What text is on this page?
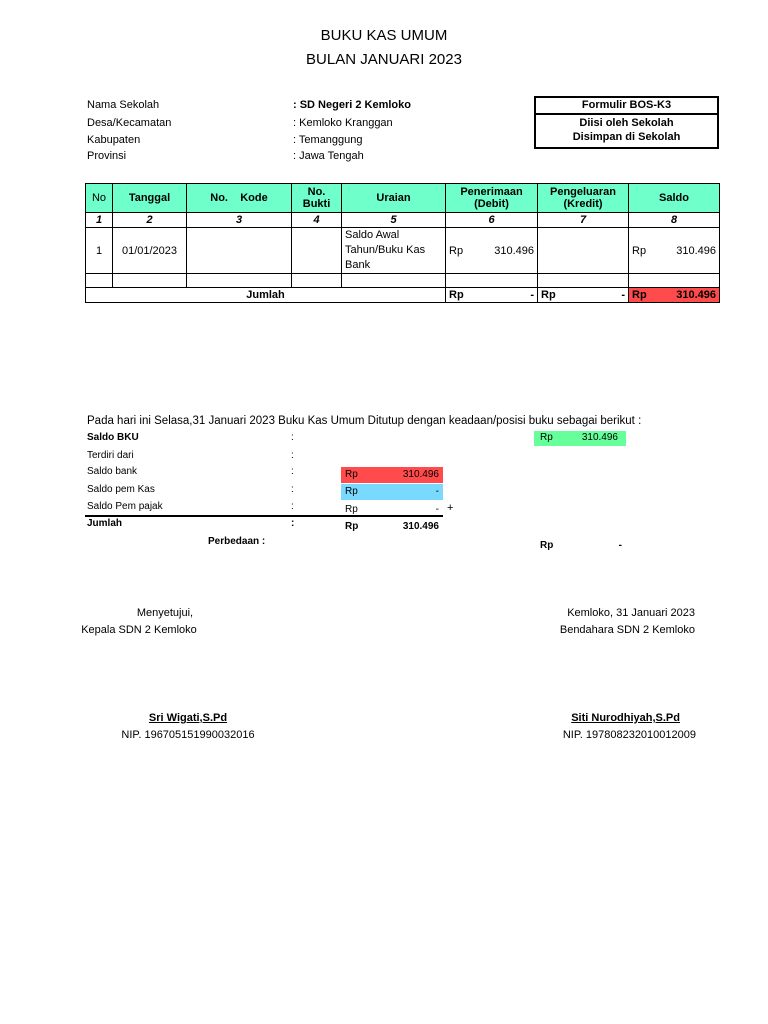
BUKU KAS UMUM
BULAN JANUARI 2023
Nama Sekolah	: SD Negeri 2 Kemloko
Desa/Kecamatan	: Kemloko Kranggan
Kabupaten	: Temanggung
Provinsi	: Jawa Tengah
Formulir BOS-K3
Diisi oleh Sekolah
Disimpan di Sekolah
No	Tanggal	No.    Kode	No. Bukti	Uraian	Penerimaan (Debit)	Pengeluaran (Kredit)	Saldo
1	2	3	4	5	6	7	8
1	01/01/2023			Saldo Awal Tahun/Buku Kas Bank	Rp 310.496		Rp 310.496

Jumlah					Rp -	Rp -	Rp 310.496
Pada hari ini Selasa,31 Januari 2023 Buku Kas Umum Ditutup dengan keadaan/posisi buku sebagai berikut :
Saldo BKU	:	Rp	310.496
Terdiri dari	:
Saldo bank	:	Rp	310.496
Saldo pem Kas	:	Rp	-
Saldo Pem pajak	:	Rp	- +
Jumlah	:	Rp	310.496
Perbedaan :	Rp	-
Menyetujui,
Kepala SDN 2 Kemloko
Sri Wigati,S.Pd
NIP. 196705151990032016
Kemloko, 31 Januari 2023
Bendahara SDN 2 Kemloko
Siti Nurodhiyah,S.Pd
NIP. 197808232010012009
